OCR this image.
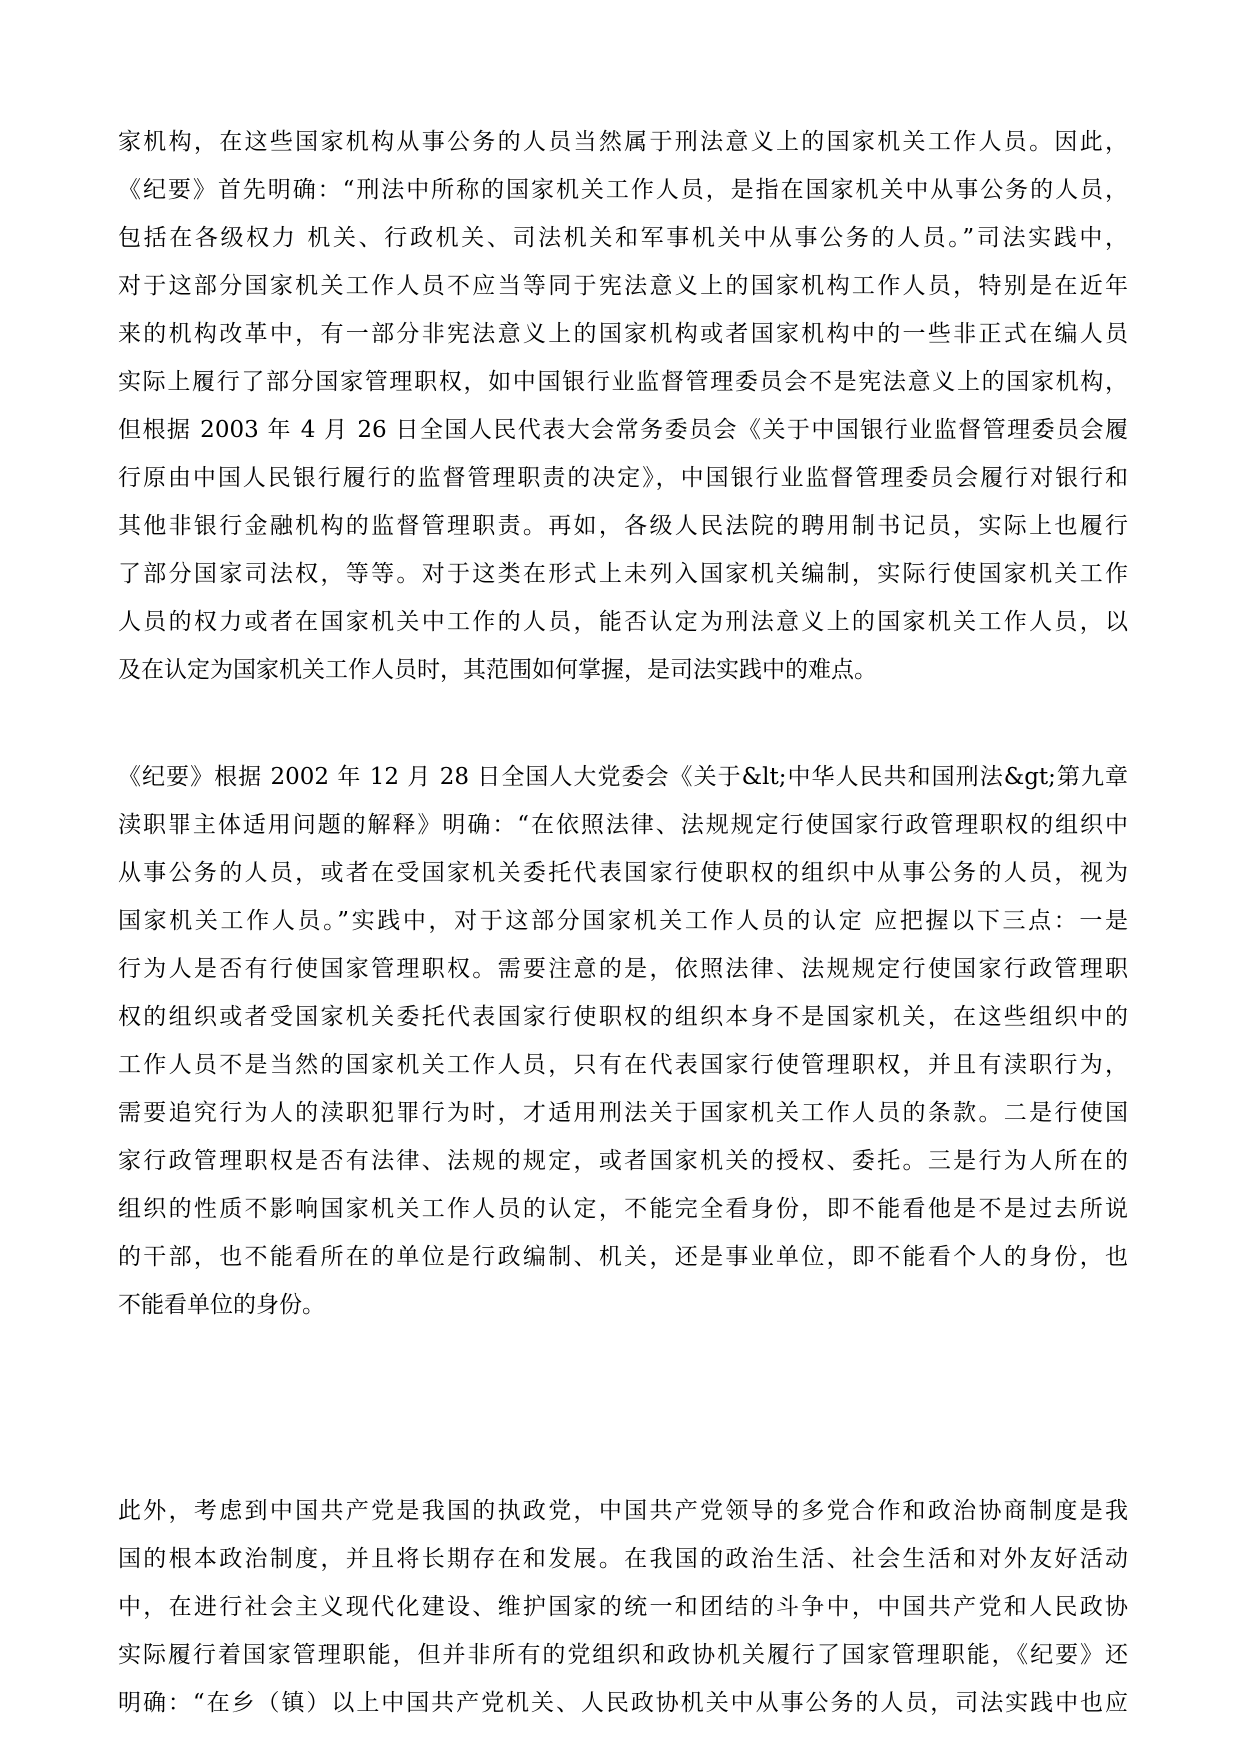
家机构，在这些国家机构从事公务的人员当然属于刑法意义上的国家机关工作人员。因此，
《纪要》首先明确：“刑法中所称的国家机关工作人员，是指在国家机关中从事公务的人员，
包括在各级权力 机关、行政机关、司法机关和军事机关中从事公务的人员。”司法实践中，
对于这部分国家机关工作人员不应当等同于宪法意义上的国家机构工作人员，特别是在近年
来的机构改革中，有一部分非宪法意义上的国家机构或者国家机构中的一些非正式在编人员
实际上履行了部分国家管理职权，如中国银行业监督管理委员会不是宪法意义上的国家机构，
但根据 2003 年 4 月 26 日全国人民代表大会常务委员会《关于中国银行业监督管理委员会履
行原由中国人民银行履行的监督管理职责的决定》，中国银行业监督管理委员会履行对银行和
其他非银行金融机构的监督管理职责。再如，各级人民法院的聘用制书记员，实际上也履行
了部分国家司法权，等等。对于这类在形式上未列入国家机关编制，实际行使国家机关工作
人员的权力或者在国家机关中工作的人员，能否认定为刑法意义上的国家机关工作人员，以
及在认定为国家机关工作人员时，其范围如何掌握，是司法实践中的难点。
《纪要》根据 2002 年 12 月 28 日全国人大党委会《关于&lt;中华人民共和国刑法&gt;第九章
渎职罪主体适用问题的解释》明确：“在依照法律、法规规定行使国家行政管理职权的组织中
从事公务的人员，或者在受国家机关委托代表国家行使职权的组织中从事公务的人员，视为
国家机关工作人员。”实践中，对于这部分国家机关工作人员的认定 应把握以下三点：一是
行为人是否有行使国家管理职权。需要注意的是，依照法律、法规规定行使国家行政管理职
权的组织或者受国家机关委托代表国家行使职权的组织本身不是国家机关，在这些组织中的
工作人员不是当然的国家机关工作人员，只有在代表国家行使管理职权，并且有渎职行为，
需要追究行为人的渎职犯罪行为时，才适用刑法关于国家机关工作人员的条款。二是行使国
家行政管理职权是否有法律、法规的规定，或者国家机关的授权、委托。三是行为人所在的
组织的性质不影响国家机关工作人员的认定，不能完全看身份，即不能看他是不是过去所说
的干部，也不能看所在的单位是行政编制、机关，还是事业单位，即不能看个人的身份，也
不能看单位的身份。
此外，考虑到中国共产党是我国的执政党，中国共产党领导的多党合作和政治协商制度是我
国的根本政治制度，并且将长期存在和发展。在我国的政治生活、社会生活和对外友好活动
中，在进行社会主义现代化建设、维护国家的统一和团结的斗争中，中国共产党和人民政协
实际履行着国家管理职能，但并非所有的党组织和政协机关履行了国家管理职能，《纪要》还
明确：“在乡（镇）以上中国共产党机关、人民政协机关中从事公务的人员，司法实践中也应
